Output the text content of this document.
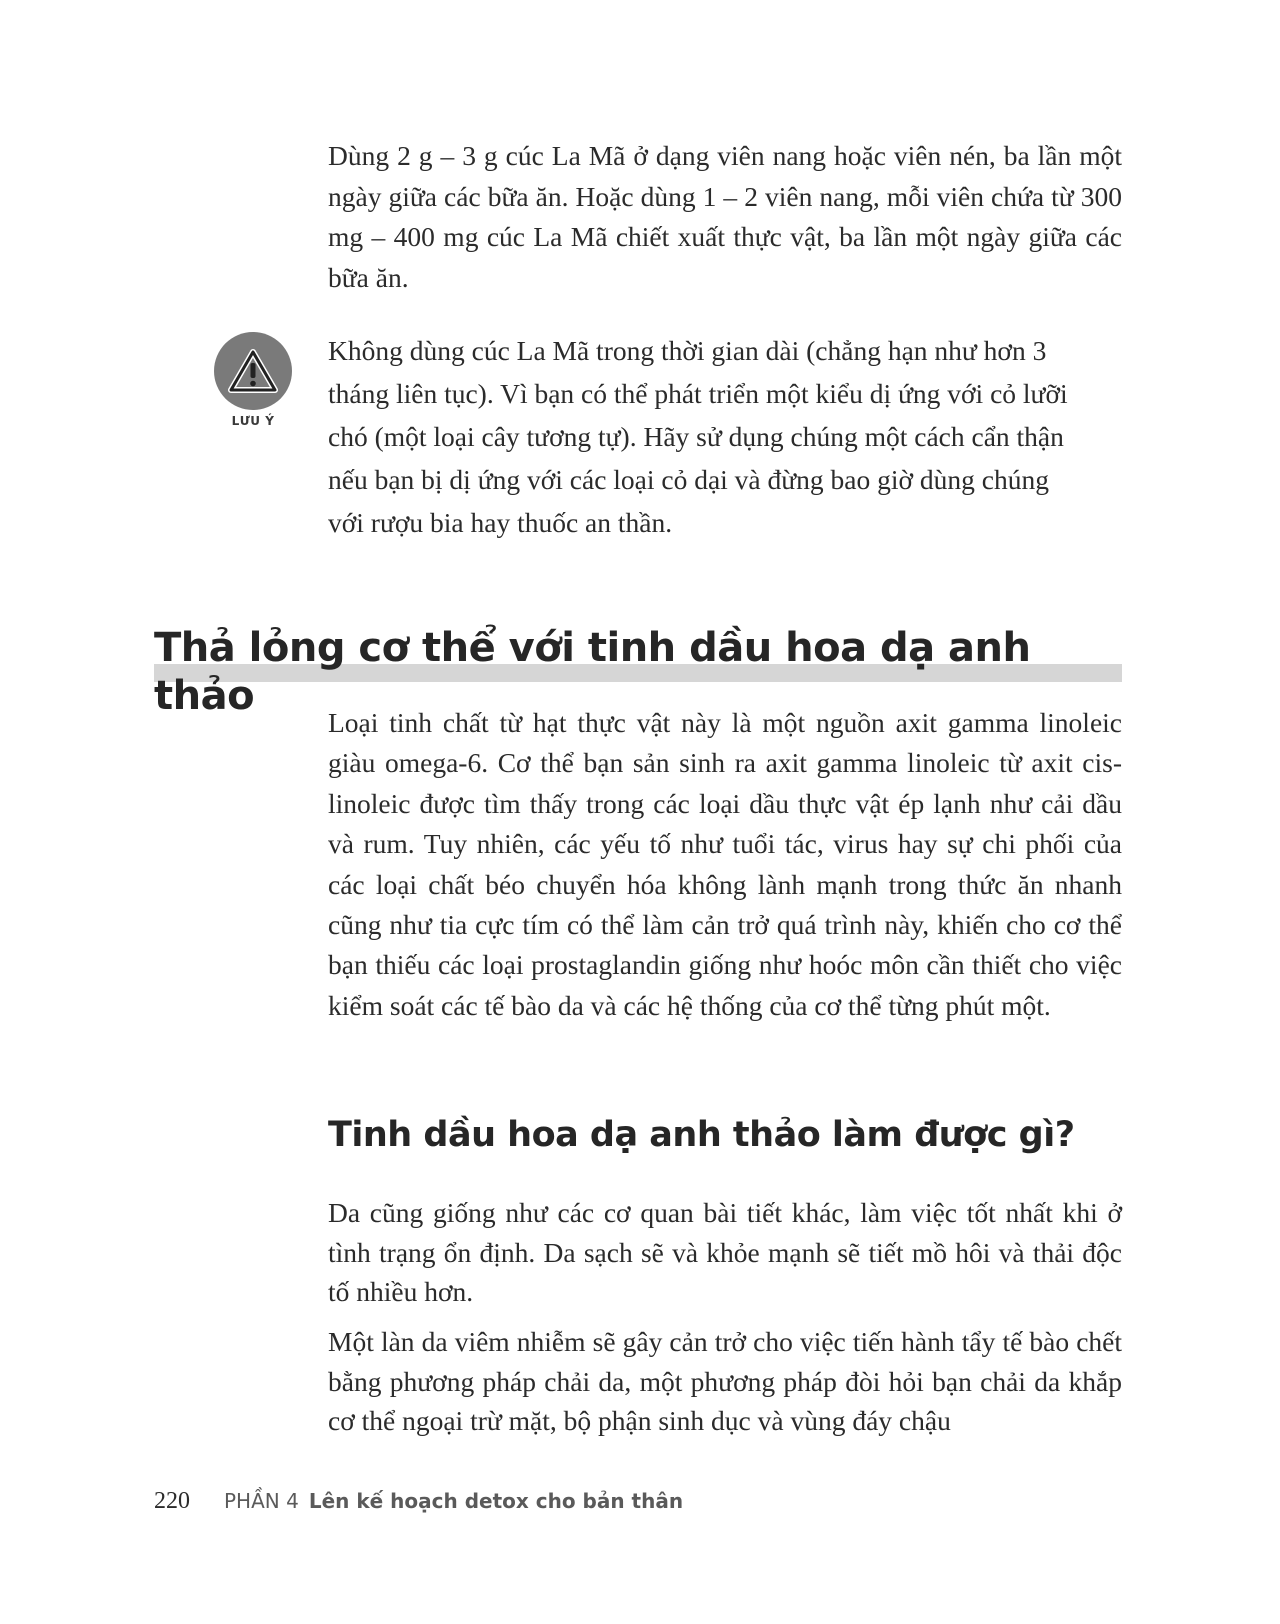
Dùng 2 g – 3 g cúc La Mã ở dạng viên nang hoặc viên nén, ba lần một ngày giữa các bữa ăn. Hoặc dùng 1 – 2 viên nang, mỗi viên chứa từ 300 mg – 400 mg cúc La Mã chiết xuất thực vật, ba lần một ngày giữa các bữa ăn.

LƯU Ý

Không dùng cúc La Mã trong thời gian dài (chẳng hạn như hơn 3 tháng liên tục). Vì bạn có thể phát triển một kiểu dị ứng với cỏ lưỡi chó (một loại cây tương tự). Hãy sử dụng chúng một cách cẩn thận nếu bạn bị dị ứng với các loại cỏ dại và đừng bao giờ dùng chúng với rượu bia hay thuốc an thần.

Thả lỏng cơ thể với tinh dầu hoa dạ anh thảo

Loại tinh chất từ hạt thực vật này là một nguồn axit gamma linoleic giàu omega-6. Cơ thể bạn sản sinh ra axit gamma linoleic từ axit cis-linoleic được tìm thấy trong các loại dầu thực vật ép lạnh như cải dầu và rum. Tuy nhiên, các yếu tố như tuổi tác, virus hay sự chi phối của các loại chất béo chuyển hóa không lành mạnh trong thức ăn nhanh cũng như tia cực tím có thể làm cản trở quá trình này, khiến cho cơ thể bạn thiếu các loại prostaglandin giống như hoóc môn cần thiết cho việc kiểm soát các tế bào da và các hệ thống của cơ thể từng phút một.

Tinh dầu hoa dạ anh thảo làm được gì?

Da cũng giống như các cơ quan bài tiết khác, làm việc tốt nhất khi ở tình trạng ổn định. Da sạch sẽ và khỏe mạnh sẽ tiết mồ hôi và thải độc tố nhiều hơn.

Một làn da viêm nhiễm sẽ gây cản trở cho việc tiến hành tẩy tế bào chết bằng phương pháp chải da, một phương pháp đòi hỏi bạn chải da khắp cơ thể ngoại trừ mặt, bộ phận sinh dục và vùng đáy chậu

220 PHẦN 4 Lên kế hoạch detox cho bản thân
